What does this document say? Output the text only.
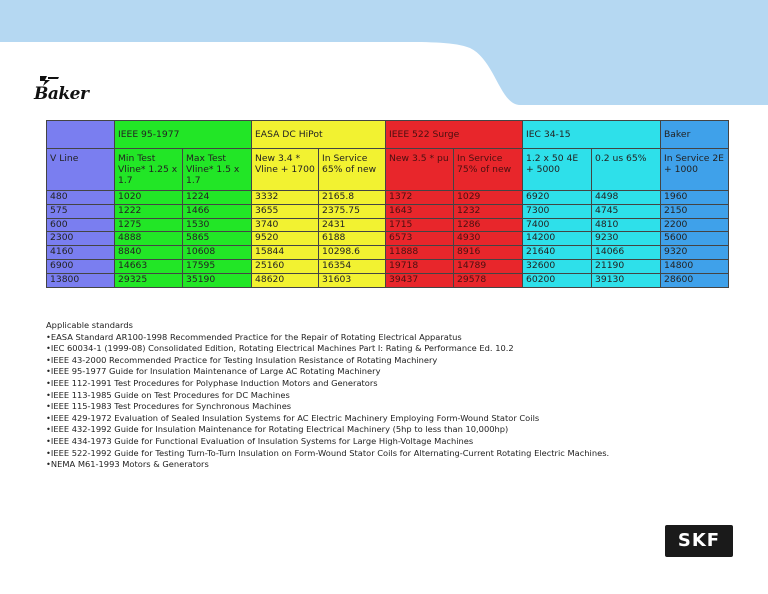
Baker
	IEEE 95-1977		EASA DC HiPot		IEEE 522 Surge		IEC 34-15		Baker
V Line	Min Test Vline* 1.25 x 1.7	Max Test Vline* 1.5 x 1.7	New 3.4 * Vline + 1700	In Service 65% of new	New 3.5 * pu	In Service 75% of new	1.2 x 50 4E + 5000	0.2 us 65%	In Service 2E + 1000
480	1020	1224	3332	2165.8	1372	1029	6920	4498	1960
575	1222	1466	3655	2375.75	1643	1232	7300	4745	2150
600	1275	1530	3740	2431	1715	1286	7400	4810	2200
2300	4888	5865	9520	6188	6573	4930	14200	9230	5600
4160	8840	10608	15844	10298.6	11888	8916	21640	14066	9320
6900	14663	17595	25160	16354	19718	14789	32600	21190	14800
13800	29325	35190	48620	31603	39437	29578	60200	39130	28600
Applicable standards
•EASA Standard AR100-1998 Recommended Practice for the Repair of Rotating Electrical Apparatus
•IEC 60034-1 (1999-08) Consolidated Edition, Rotating Electrical Machines Part I: Rating & Performance Ed. 10.2
•IEEE 43-2000 Recommended Practice for Testing Insulation Resistance of Rotating Machinery
•IEEE 95-1977 Guide for Insulation Maintenance of Large AC Rotating Machinery
•IEEE 112-1991 Test Procedures for Polyphase Induction Motors and Generators
•IEEE 113-1985 Guide on Test Procedures for DC Machines
•IEEE 115-1983 Test Procedures for Synchronous Machines
•IEEE 429-1972 Evaluation of Sealed Insulation Systems for AC Electric Machinery Employing Form-Wound Stator Coils
•IEEE 432-1992 Guide for Insulation Maintenance for Rotating Electrical Machinery (5hp to less than 10,000hp)
•IEEE 434-1973 Guide for Functional Evaluation of Insulation Systems for Large High-Voltage Machines
•IEEE 522-1992 Guide for Testing Turn-To-Turn Insulation on Form-Wound Stator Coils for Alternating-Current Rotating Electric Machines.
•NEMA M61-1993 Motors & Generators
SKF
